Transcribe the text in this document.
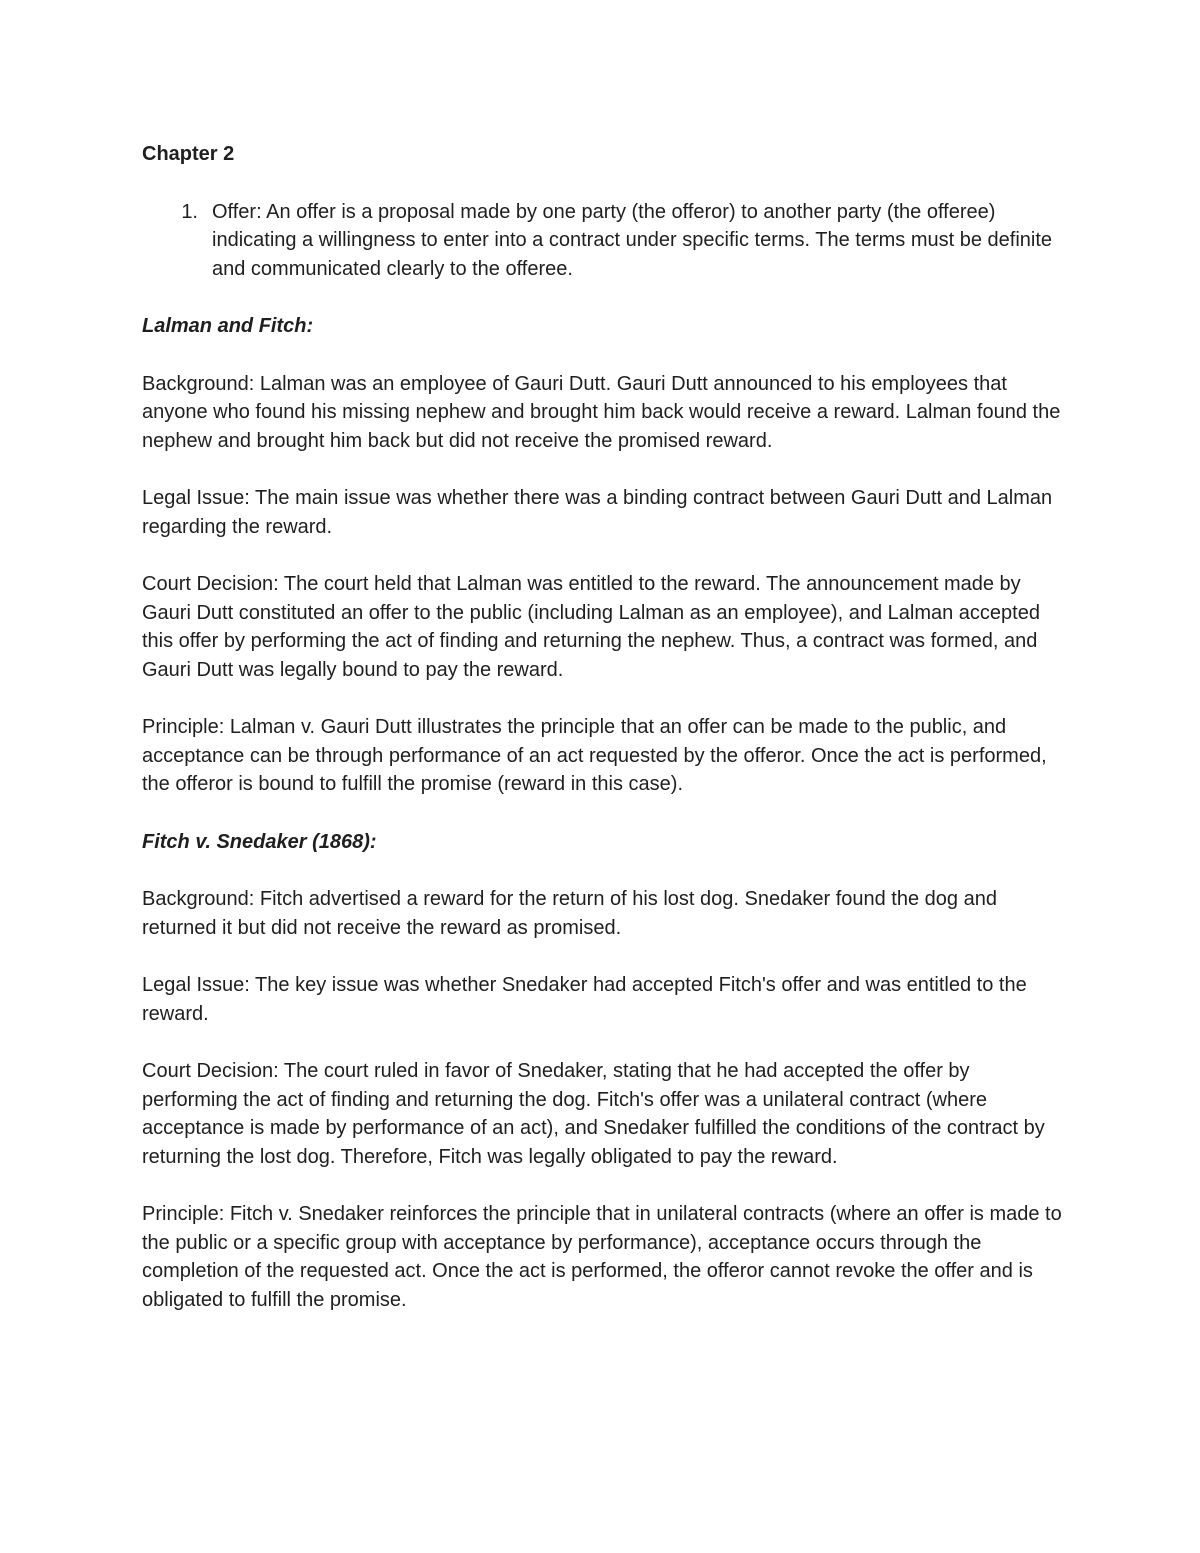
Chapter 2
1. Offer: An offer is a proposal made by one party (the offeror) to another party (the offeree) indicating a willingness to enter into a contract under specific terms. The terms must be definite and communicated clearly to the offeree.
Lalman and Fitch:
Background: Lalman was an employee of Gauri Dutt. Gauri Dutt announced to his employees that anyone who found his missing nephew and brought him back would receive a reward. Lalman found the nephew and brought him back but did not receive the promised reward.
Legal Issue: The main issue was whether there was a binding contract between Gauri Dutt and Lalman regarding the reward.
Court Decision: The court held that Lalman was entitled to the reward. The announcement made by Gauri Dutt constituted an offer to the public (including Lalman as an employee), and Lalman accepted this offer by performing the act of finding and returning the nephew. Thus, a contract was formed, and Gauri Dutt was legally bound to pay the reward.
Principle: Lalman v. Gauri Dutt illustrates the principle that an offer can be made to the public, and acceptance can be through performance of an act requested by the offeror. Once the act is performed, the offeror is bound to fulfill the promise (reward in this case).
Fitch v. Snedaker (1868):
Background: Fitch advertised a reward for the return of his lost dog. Snedaker found the dog and returned it but did not receive the reward as promised.
Legal Issue: The key issue was whether Snedaker had accepted Fitch's offer and was entitled to the reward.
Court Decision: The court ruled in favor of Snedaker, stating that he had accepted the offer by performing the act of finding and returning the dog. Fitch's offer was a unilateral contract (where acceptance is made by performance of an act), and Snedaker fulfilled the conditions of the contract by returning the lost dog. Therefore, Fitch was legally obligated to pay the reward.
Principle: Fitch v. Snedaker reinforces the principle that in unilateral contracts (where an offer is made to the public or a specific group with acceptance by performance), acceptance occurs through the completion of the requested act. Once the act is performed, the offeror cannot revoke the offer and is obligated to fulfill the promise.
